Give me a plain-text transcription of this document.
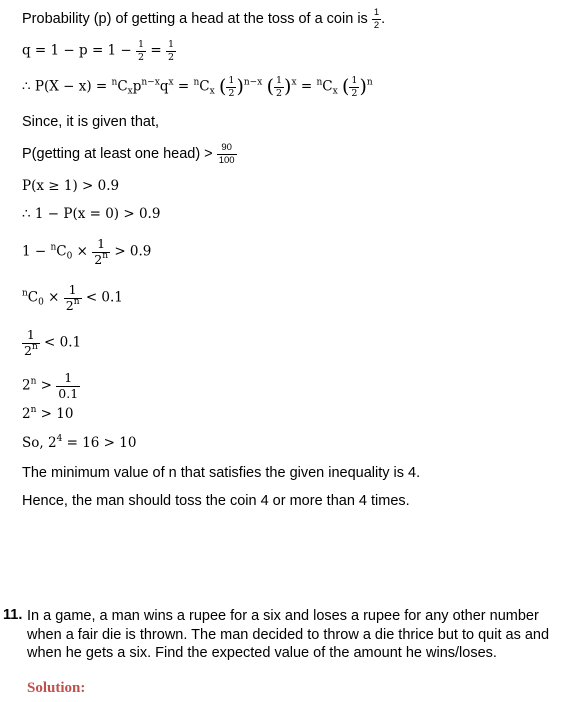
Probability (p) of getting a head at the toss of a coin is $\frac{1}{2}$ .
$q = 1 - p = 1 - \frac{1}{2} = \frac{1}{2}$
∴ $P(X - x) = ^nC_xp^{n-x}q^x = ^nC_x$ ( $\frac{1}{2} )^{n-x}$ ( $\frac{1}{2} )^x = ^nC_x$ ( $\frac{1}{2} )^n$
Since, it is given that,
P(getting at least one head) > $\frac{90}{100}$
P(x ≥ 1) > 0.9
∴ 1 − P(x = 0) > 0.9
$1 - ^nC_0 \times \frac{1}{2^n} > 0.9$
$^nC_0 \times \frac{1}{2^n} < 0.1$
$\frac{1}{2^n} < 0.1$
$2^n > \frac{1}{0.1}$
$2^n > 10$
So, $2^4 = 16 > 10$
The minimum value of n that satisfies the given inequality is 4.
Hence, the man should toss the coin 4 or more than 4 times.
11. In a game, a man wins a rupee for a six and loses a rupee for any other number when a fair die is thrown. The man decided to throw a die thrice but to quit as and when he gets a six. Find the expected value of the amount he wins/loses.
Solution:
